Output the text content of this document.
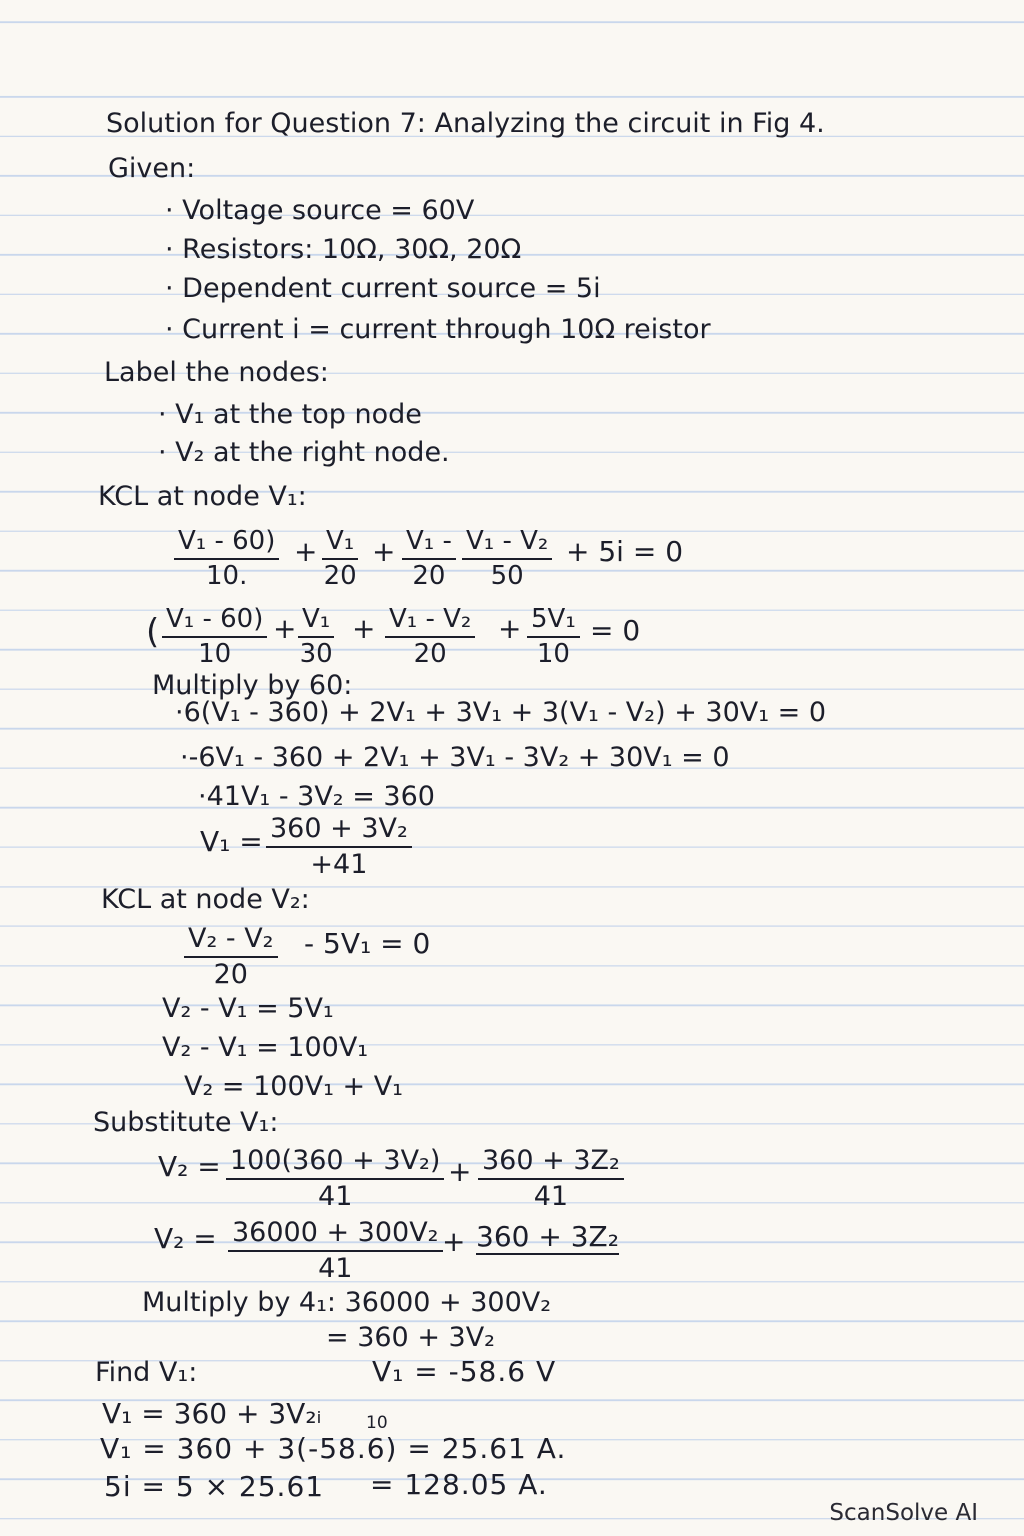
Solution for Question 7: Analyzing the circuit in Fig 4.
Given:
· Voltage source = 60V
· Resistors: 10Ω, 30Ω, 20Ω
· Dependent current source = 5i
· Current i = current through 10Ω reistor
Label the nodes:
· V₁ at the top node
· V₂ at the right node.
KCL at node V₁:
$\frac{\text{V₁ - 60)}}{10.} + \frac{\text{V₁}}{20} + \frac{\text{V₁ -}}{20} \frac{\text{V₁ - V₂}}{50} + 5i = 0$
( $\frac{\text{V₁ - 60)}}{10} + \frac{\text{V₁}}{30} + \frac{\text{V₁ - V₂}}{20} + \frac{\text{5V₁}}{10} = 0$
Multiply by 60:
·6(V₁ - 360) + 2V₁ + 3V₁ + 3(V₁ - V₂) + 30V₁ = 0
·-6V₁ - 360 + 2V₁ + 3V₁ - 3V₂ + 30V₁ = 0
·41V₁ - 3V₂ = 360
$V_1 = \frac{\text{360 + 3V₂}}{+41}$
KCL at node V₂:
$\frac{\text{V₂ - V₂}}{20} - 5V_1 = 0$
V₂ - V₁ = 5V₁
V₂ - V₁ = 100V₁
V₂ = 100V₁ + V₁
Substitute V₁:
$V_2 = \frac{\text{100(360 + 3V₂)}}{41} + \frac{\text{360 + 3Z₂}}{41}$
$V_2 = \frac{\text{36000 + 300V₂}}{41} + 360 + 3Z_2$
Multiply by 4₁: 36000 + 300V₂
= 360 + 3V₂
Find V₁:	V₁ = -58.6 V
V₁ = 360 + 3V₂ᵢ	10
V₁ = 360 + 3(-58.6) = 25.61 A.
5i = 5 × 25.61 = 128.05 A.
ScanSolve AI
